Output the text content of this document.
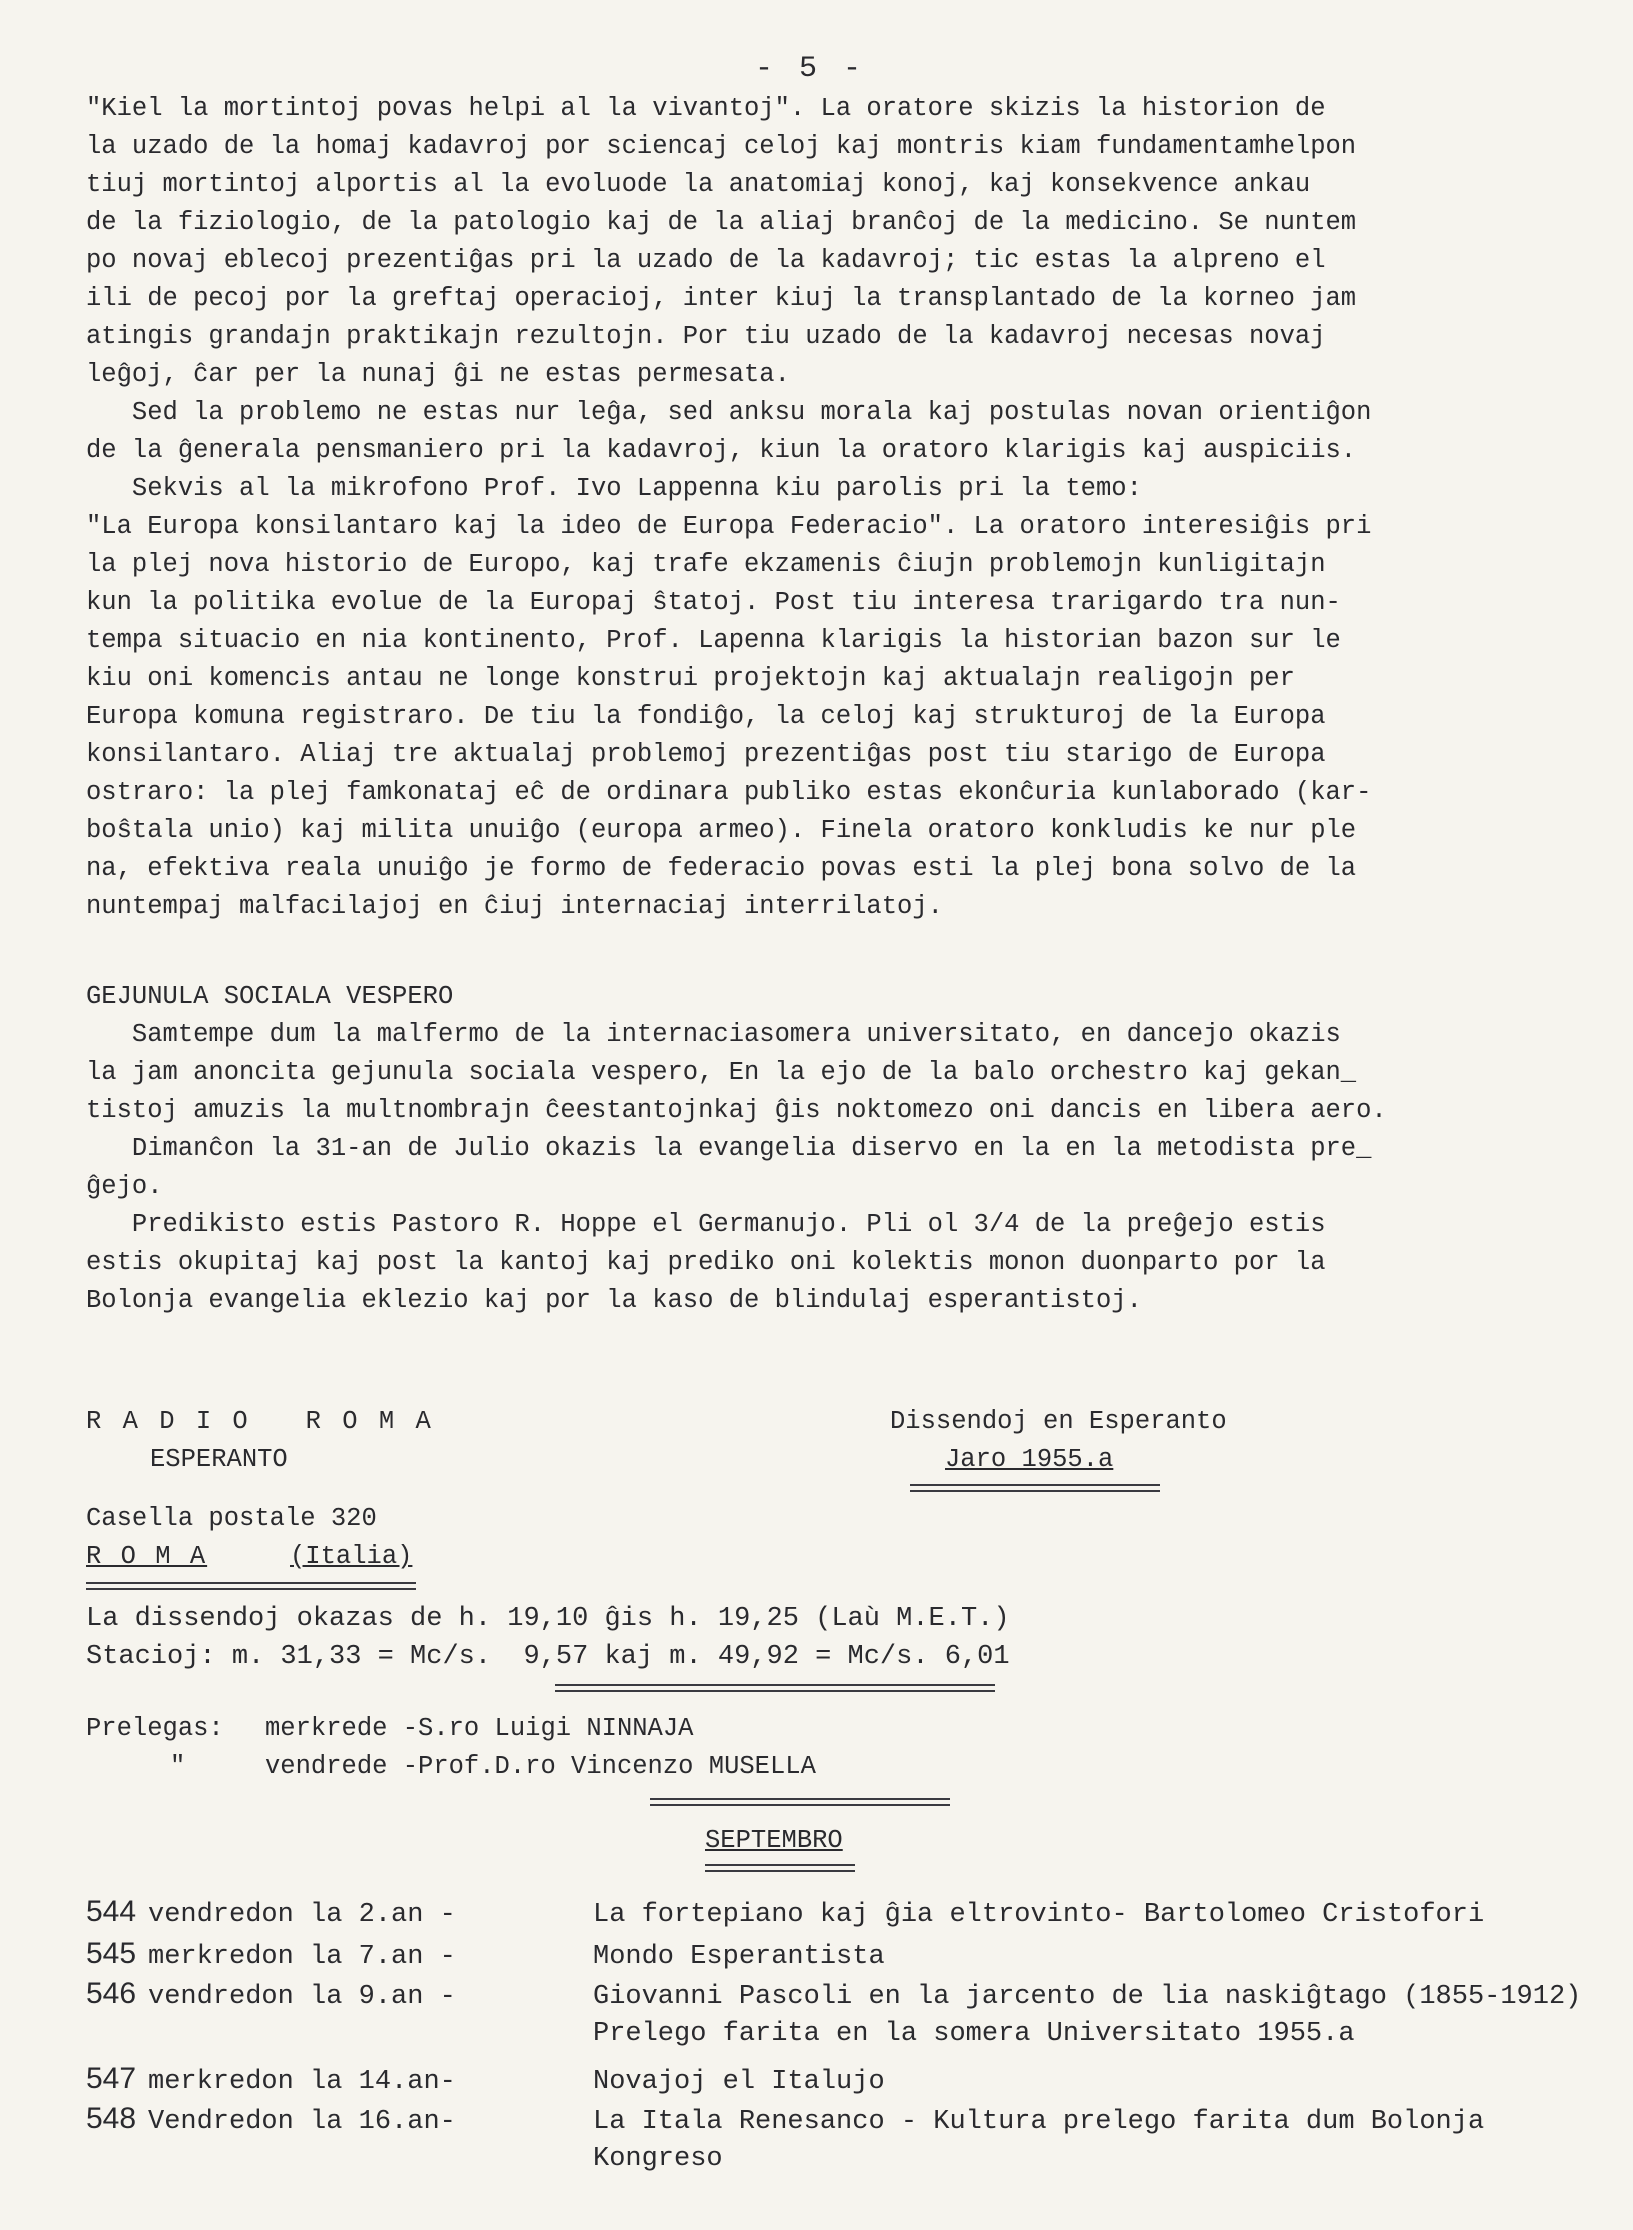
- 5 -
"Kiel la mortintoj povas helpi al la vivantoj". La oratore skizis la historion de
la uzado de la homaj kadavroj por sciencaj celoj kaj montris kiam fundamentamhelpon
tiuj mortintoj alportis al la evoluode la anatomiaj konoj, kaj konsekvence ankau
de la fiziologio, de la patologio kaj de la aliaj branĉoj de la medicino. Se nuntem
po novaj eblecoj prezentiĝas pri la uzado de la kadavroj; tic estas la alpreno el
ili de pecoj por la greftaj operacioj, inter kiuj la transplantado de la korneo jam
atingis grandajn praktikajn rezultojn. Por tiu uzado de la kadavroj necesas novaj
leĝoj, ĉar per la nunaj ĝi ne estas permesata.
Sed la problemo ne estas nur leĝa, sed anksu morala kaj postulas novan orientiĝon
de la ĝenerala pensmaniero pri la kadavroj, kiun la oratoro klarigis kaj auspiciis.
Sekvis al la mikrofono Prof. Ivo Lappenna kiu parolis pri la temo:
"La Europa konsilantaro kaj la ideo de Europa Federacio". La oratoro interesiĝis pri
la plej nova historio de Europo, kaj trafe ekzamenis ĉiujn problemojn kunligitajn
kun la politika evolue de la Europaj ŝtatoj. Post tiu interesa trarigardo tra nun-
tempa situacio en nia kontinento, Prof. Lapenna klarigis la historian bazon sur le
kiu oni komencis antau ne longe konstrui projektojn kaj aktualajn realigojn per
Europa komuna registraro. De tiu la fondiĝo, la celoj kaj strukturoj de la Europa
konsilantaro. Aliaj tre aktualaj problemoj prezentiĝas post tiu starigo de Europa
ostraro: la plej famkonataj eĉ de ordinara publiko estas ekonĉuria kunlaborado (kar-
boŝtala unio) kaj milita unuiĝo (europa armeo). Finela oratoro konkludis ke nur ple
na, efektiva reala unuiĝo je formo de federacio povas esti la plej bona solvo de la
nuntempaj malfacilajoj en ĉiuj internaciaj interrilatoj.
GEJUNULA SOCIALA VESPERO
Samtempe dum la malfermo de la internaciasomera universitato, en dancejo okazis
la jam anoncita gejunula sociala vespero, En la ejo de la balo orchestro kaj gekan_
tistoj amuzis la multnombrajn ĉeestantojnkaj ĝis noktomezo oni dancis en libera aero.
Dimanĉon la 31-an de Julio okazis la evangelia diservo en la en la metodista pre_
ĝejo.
Predikisto estis Pastoro R. Hoppe el Germanujo. Pli ol 3/4 de la preĝejo estis
estis okupitaj kaj post la kantoj kaj prediko oni kolektis monon duonparto por la
Bolonja evangelia eklezio kaj por la kaso de blindulaj esperantistoj.
R A D I O   R O M A
ESPERANTO
Dissendoj en Esperanto
Jaro 1955.a
Casella postale 320
R O M A	(Italia)
La dissendoj okazas de h. 19,10 ĝis h. 19,25 (Laù M.E.T.)
Stacioj: m. 31,33 = Mc/s.  9,57 kaj m. 49,92 = Mc/s. 6,01
Prelegas: merkrede -S.ro Luigi NINNAJA
"	vendrede -Prof.D.ro Vincenzo MUSELLA
SEPTEMBRO
544 vendredon la 2.an -	La fortepiano kaj ĝia eltrovinto- Bartolomeo Cristofori
545 merkredon la 7.an -	Mondo Esperantista
546 vendredon la 9.an -	Giovanni Pascoli en la jarcento de lia naskiĝtago (1855-1912)
Prelego farita en la somera Universitato 1955.a
547 merkredon la 14.an-	Novajoj el Italujo
548 Vendredon la 16.an-	La Itala Renesanco - Kultura prelego farita dum Bolonja
Kongreso
